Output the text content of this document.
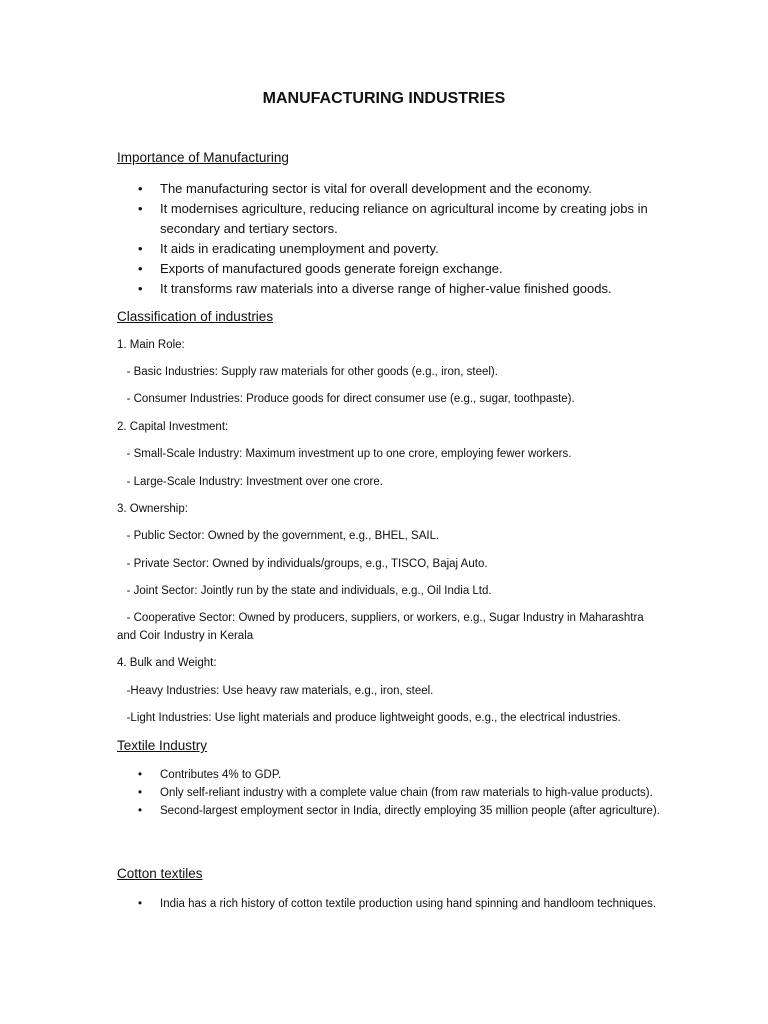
MANUFACTURING INDUSTRIES
Importance of Manufacturing
• The manufacturing sector is vital for overall development and the economy.
• It modernises agriculture, reducing reliance on agricultural income by creating jobs in secondary and tertiary sectors.
• It aids in eradicating unemployment and poverty.
• Exports of manufactured goods generate foreign exchange.
• It transforms raw materials into a diverse range of higher-value finished goods.
Classification of industries
1. Main Role:
- Basic Industries: Supply raw materials for other goods (e.g., iron, steel).
- Consumer Industries: Produce goods for direct consumer use (e.g., sugar, toothpaste).
2. Capital Investment:
- Small-Scale Industry: Maximum investment up to one crore, employing fewer workers.
- Large-Scale Industry: Investment over one crore.
3. Ownership:
- Public Sector: Owned by the government, e.g., BHEL, SAIL.
- Private Sector: Owned by individuals/groups, e.g., TISCO, Bajaj Auto.
- Joint Sector: Jointly run by the state and individuals, e.g., Oil India Ltd.
- Cooperative Sector: Owned by producers, suppliers, or workers, e.g., Sugar Industry in Maharashtra and Coir Industry in Kerala
4. Bulk and Weight:
-Heavy Industries: Use heavy raw materials, e.g., iron, steel.
-Light Industries: Use light materials and produce lightweight goods, e.g., the electrical industries.
Textile Industry
• Contributes 4% to GDP.
• Only self-reliant industry with a complete value chain (from raw materials to high-value products).
• Second-largest employment sector in India, directly employing 35 million people (after agriculture).
Cotton textiles
• India has a rich history of cotton textile production using hand spinning and handloom techniques.
